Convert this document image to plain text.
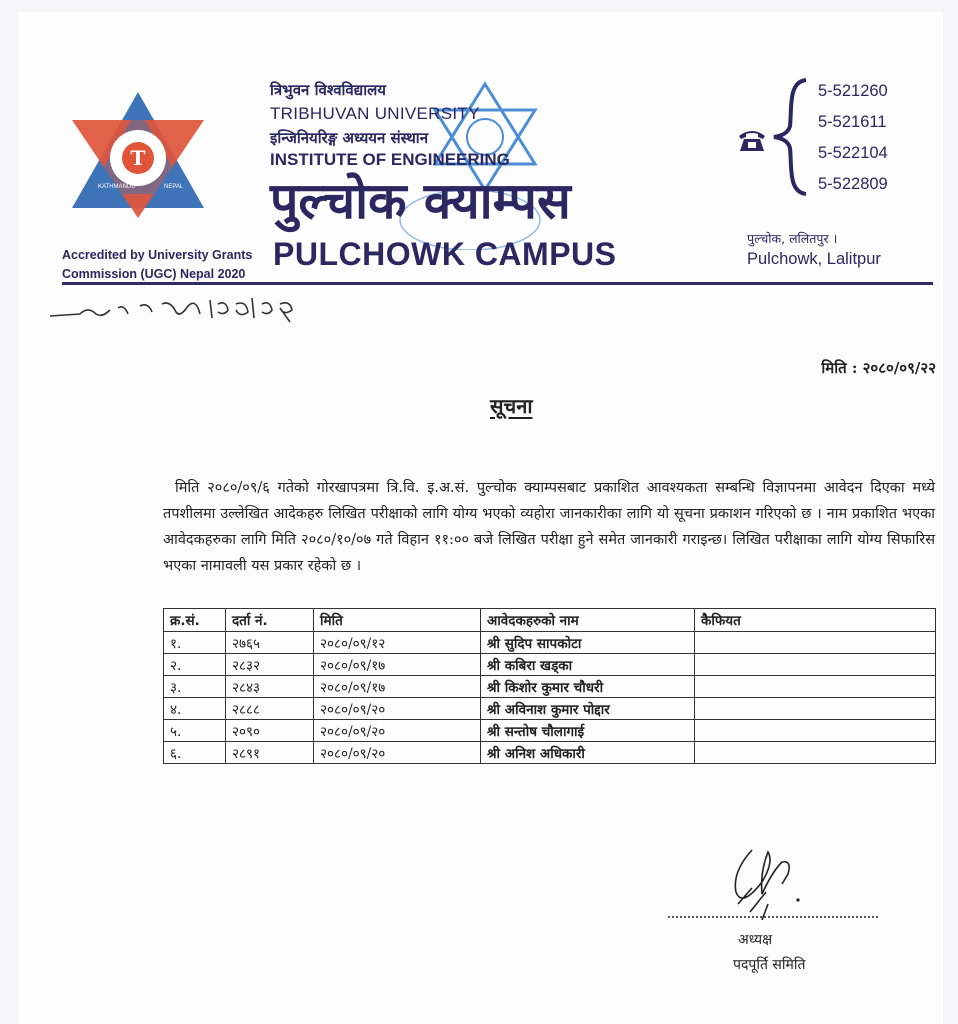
T
KATHMANDU	NEPAL
Accredited by University Grants
Commission (UGC) Nepal 2020
त्रिभुवन विश्वविद्यालय
TRIBHUVAN UNIVERSITY
इन्जिनियरिङ्ग अध्ययन संस्थान
INSTITUTE OF ENGINEERING
पुल्चोक क्याम्पस
PULCHOWK CAMPUS
5-521260
5-521611
5-522104
5-522809
पुल्चोक, ललितपुर ।
Pulchowk, Lalitpur
मिति : २०८०/०९/२२
सूचना
मिति २०८०/०९/६ गतेको गोरखापत्रमा त्रि.वि. इ.अ.सं. पुल्चोक क्याम्पसबाट प्रकाशित आवश्यकता सम्बन्धि विज्ञापनमा आवेदन दिएका मध्ये तपशीलमा उल्लेखित आदेकहरु लिखित परीक्षाको लागि योग्य भएको व्यहोरा जानकारीका लागि यो सूचना प्रकाशन गरिएको छ । नाम प्रकाशित भएका आवेदकहरुका लागि मिति २०८०/१०/०७ गते विहान ११:०० बजे लिखित परीक्षा हुने समेत जानकारी गराइन्छ। लिखित परीक्षाका लागि योग्य सिफारिस भएका नामावली यस प्रकार रहेको छ ।
क्र.सं.	दर्ता नं.	मिति	आवेदकहरुको नाम	कैफियत
१.	२७६५	२०८०/०९/१२	श्री सुदिप सापकोटा	
२.	२८३२	२०८०/०९/१७	श्री कबिरा खड्का	
३.	२८४३	२०८०/०९/१७	श्री किशोर कुमार चौधरी	
४.	२८८८	२०८०/०९/२०	श्री अविनाश कुमार पोद्दार	
५.	२०९०	२०८०/०९/२०	श्री सन्तोष चौलागाई	
६.	२८९१	२०८०/०९/२०	श्री अनिश अधिकारी	
अध्यक्ष
पदपूर्ति समिति
